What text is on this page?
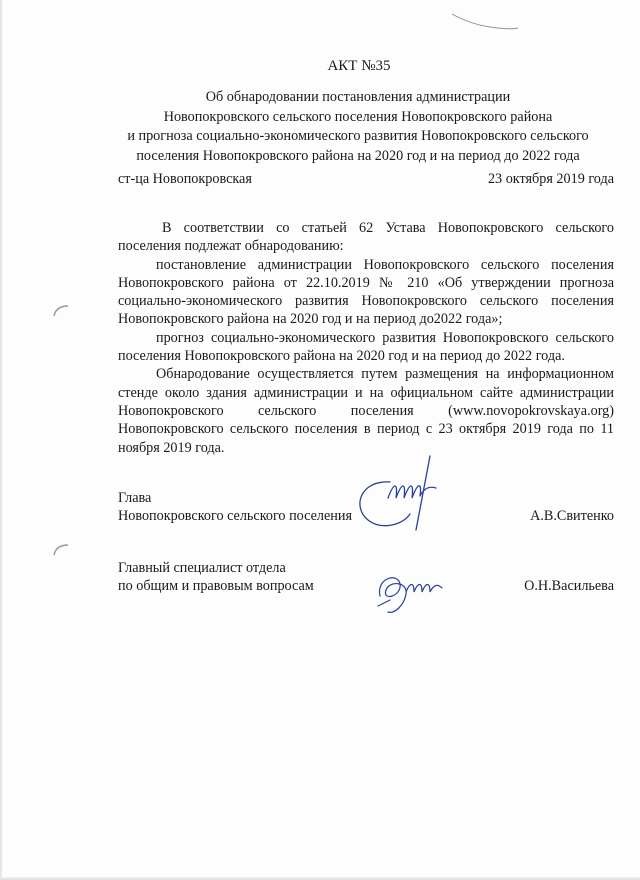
АКТ №35
Об обнародовании постановления администрации
Новопокровского сельского поселения Новопокровского района
и прогноза социально-экономического развития Новопокровского сельского
поселения Новопокровского района на 2020 год и на период до 2022 года
ст-ца Новопокровская	23 октября 2019 года

В соответствии со статьей 62 Устава Новопокровского сельского поселения подлежат обнародованию:

постановление администрации Новопокровского сельского поселения Новопокровского района от 22.10.2019 № 210 «Об утверждении прогноза социально-экономического развития Новопокровского сельского поселения Новопокровского района на 2020 год и на период до2022 года»;

прогноз социально-экономического развития Новопокровского сельского поселения Новопокровского района на 2020 год и на период до 2022 года.

Обнародование осуществляется путем размещения на информационном стенде около здания администрации и на официальном сайте администрации Новопокровского сельского поселения (www.novopokrovskaya.org) Новопокровского сельского поселения в период с 23 октября 2019 года по 11 ноября 2019 года.

Глава
Новопокровского сельского поселения	А.В.Свитенко
Главный специалист отдела
по общим и правовым вопросам	О.Н.Васильева
